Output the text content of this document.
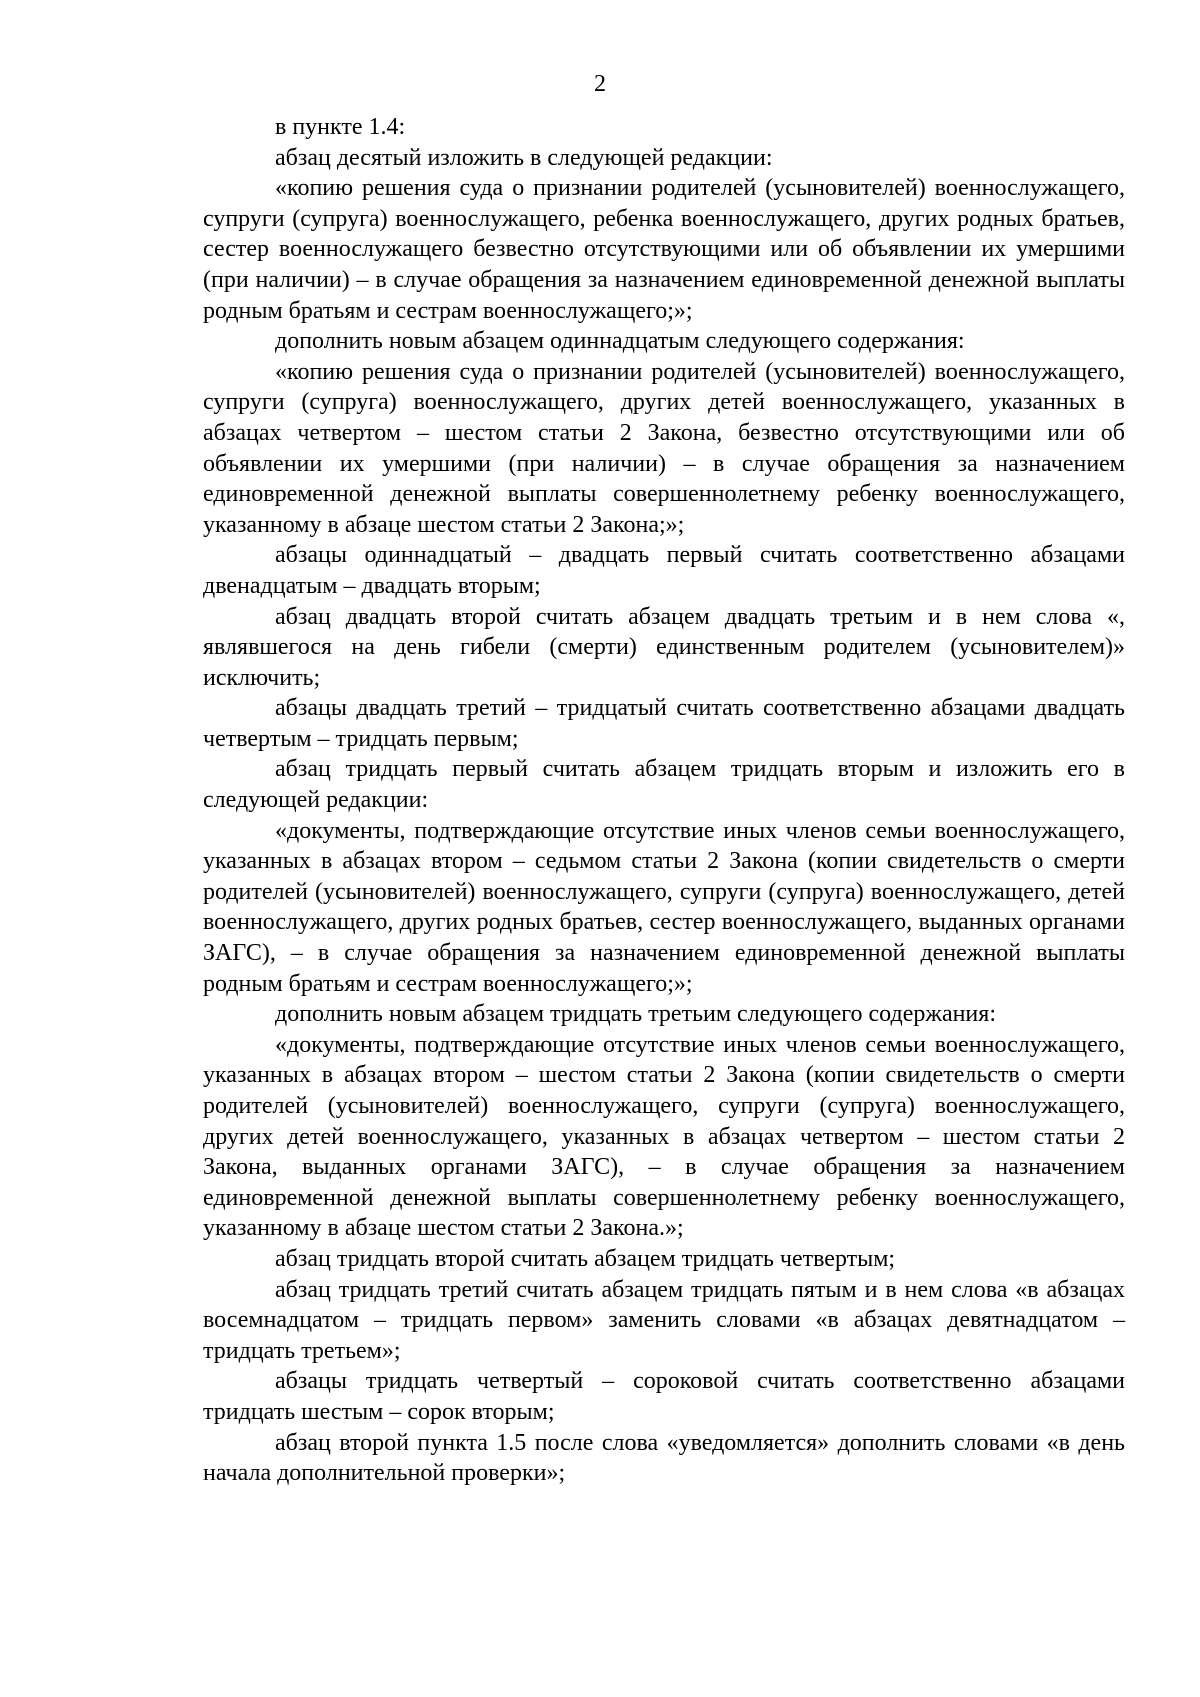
2

в пункте 1.4:

абзац десятый изложить в следующей редакции:

«копию решения суда о признании родителей (усыновителей) военнослужащего, супруги (супруга) военнослужащего, ребенка военнослужащего, других родных братьев, сестер военнослужащего безвестно отсутствующими или об объявлении их умершими (при наличии) – в случае обращения за назначением единовременной денежной выплаты родным братьям и сестрам военнослужащего;»;

дополнить новым абзацем одиннадцатым следующего содержания:

«копию решения суда о признании родителей (усыновителей) военнослужащего, супруги (супруга) военнослужащего, других детей военнослужащего, указанных в абзацах четвертом – шестом статьи 2 Закона, безвестно отсутствующими или об объявлении их умершими (при наличии) – в случае обращения за назначением единовременной денежной выплаты совершеннолетнему ребенку военнослужащего, указанному в абзаце шестом статьи 2 Закона;»;

абзацы одиннадцатый – двадцать первый считать соответственно абзацами двенадцатым – двадцать вторым;

абзац двадцать второй считать абзацем двадцать третьим и в нем слова «, являвшегося на день гибели (смерти) единственным родителем (усыновителем)» исключить;

абзацы двадцать третий – тридцатый считать соответственно абзацами двадцать четвертым – тридцать первым;

абзац тридцать первый считать абзацем тридцать вторым и изложить его в следующей редакции:

«документы, подтверждающие отсутствие иных членов семьи военнослужащего, указанных в абзацах втором – седьмом статьи 2 Закона (копии свидетельств о смерти родителей (усыновителей) военнослужащего, супруги (супруга) военнослужащего, детей военнослужащего, других родных братьев, сестер военнослужащего, выданных органами ЗАГС), – в случае обращения за назначением единовременной денежной выплаты родным братьям и сестрам военнослужащего;»;

дополнить новым абзацем тридцать третьим следующего содержания:

«документы, подтверждающие отсутствие иных членов семьи военнослужащего, указанных в абзацах втором – шестом статьи 2 Закона (копии свидетельств о смерти родителей (усыновителей) военнослужащего, супруги (супруга) военнослужащего, других детей военнослужащего, указанных в абзацах четвертом – шестом статьи 2 Закона, выданных органами ЗАГС), – в случае обращения за назначением единовременной денежной выплаты совершеннолетнему ребенку военнослужащего, указанному в абзаце шестом статьи 2 Закона.»;

абзац тридцать второй считать абзацем тридцать четвертым;

абзац тридцать третий считать абзацем тридцать пятым и в нем слова «в абзацах восемнадцатом – тридцать первом» заменить словами «в абзацах девятнадцатом – тридцать третьем»;

абзацы тридцать четвертый – сороковой считать соответственно абзацами тридцать шестым – сорок вторым;

абзац второй пункта 1.5 после слова «уведомляется» дополнить словами «в день начала дополнительной проверки»;
